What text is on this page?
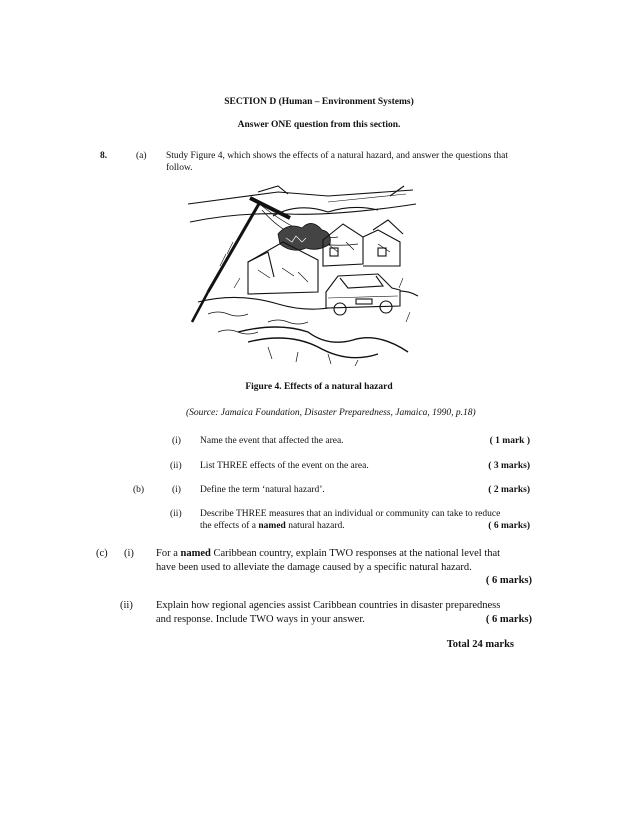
SECTION D (Human – Environment Systems)
Answer ONE question from this section.
8.	(a) Study Figure 4, which shows the effects of a natural hazard, and answer the questions that
follow.
Figure 4. Effects of a natural hazard
(Source: Jamaica Foundation, Disaster Preparedness, Jamaica, 1990, p.18)
(i) Name the event that affected the area.	( 1 mark )
(ii) List THREE effects of the event on the area.	( 3 marks)
(b)	(i) Define the term ‘natural hazard’.	( 2 marks)
(ii) Describe THREE measures that an individual or community can take to reduce
the effects of a named natural hazard.	( 6 marks)
(c) (i) For a named Caribbean country, explain TWO responses at the national level that
have been used to alleviate the damage caused by a specific natural hazard.
( 6 marks)
(ii) Explain how regional agencies assist Caribbean countries in disaster preparedness
and response. Include TWO ways in your answer.	( 6 marks)
Total 24 marks
